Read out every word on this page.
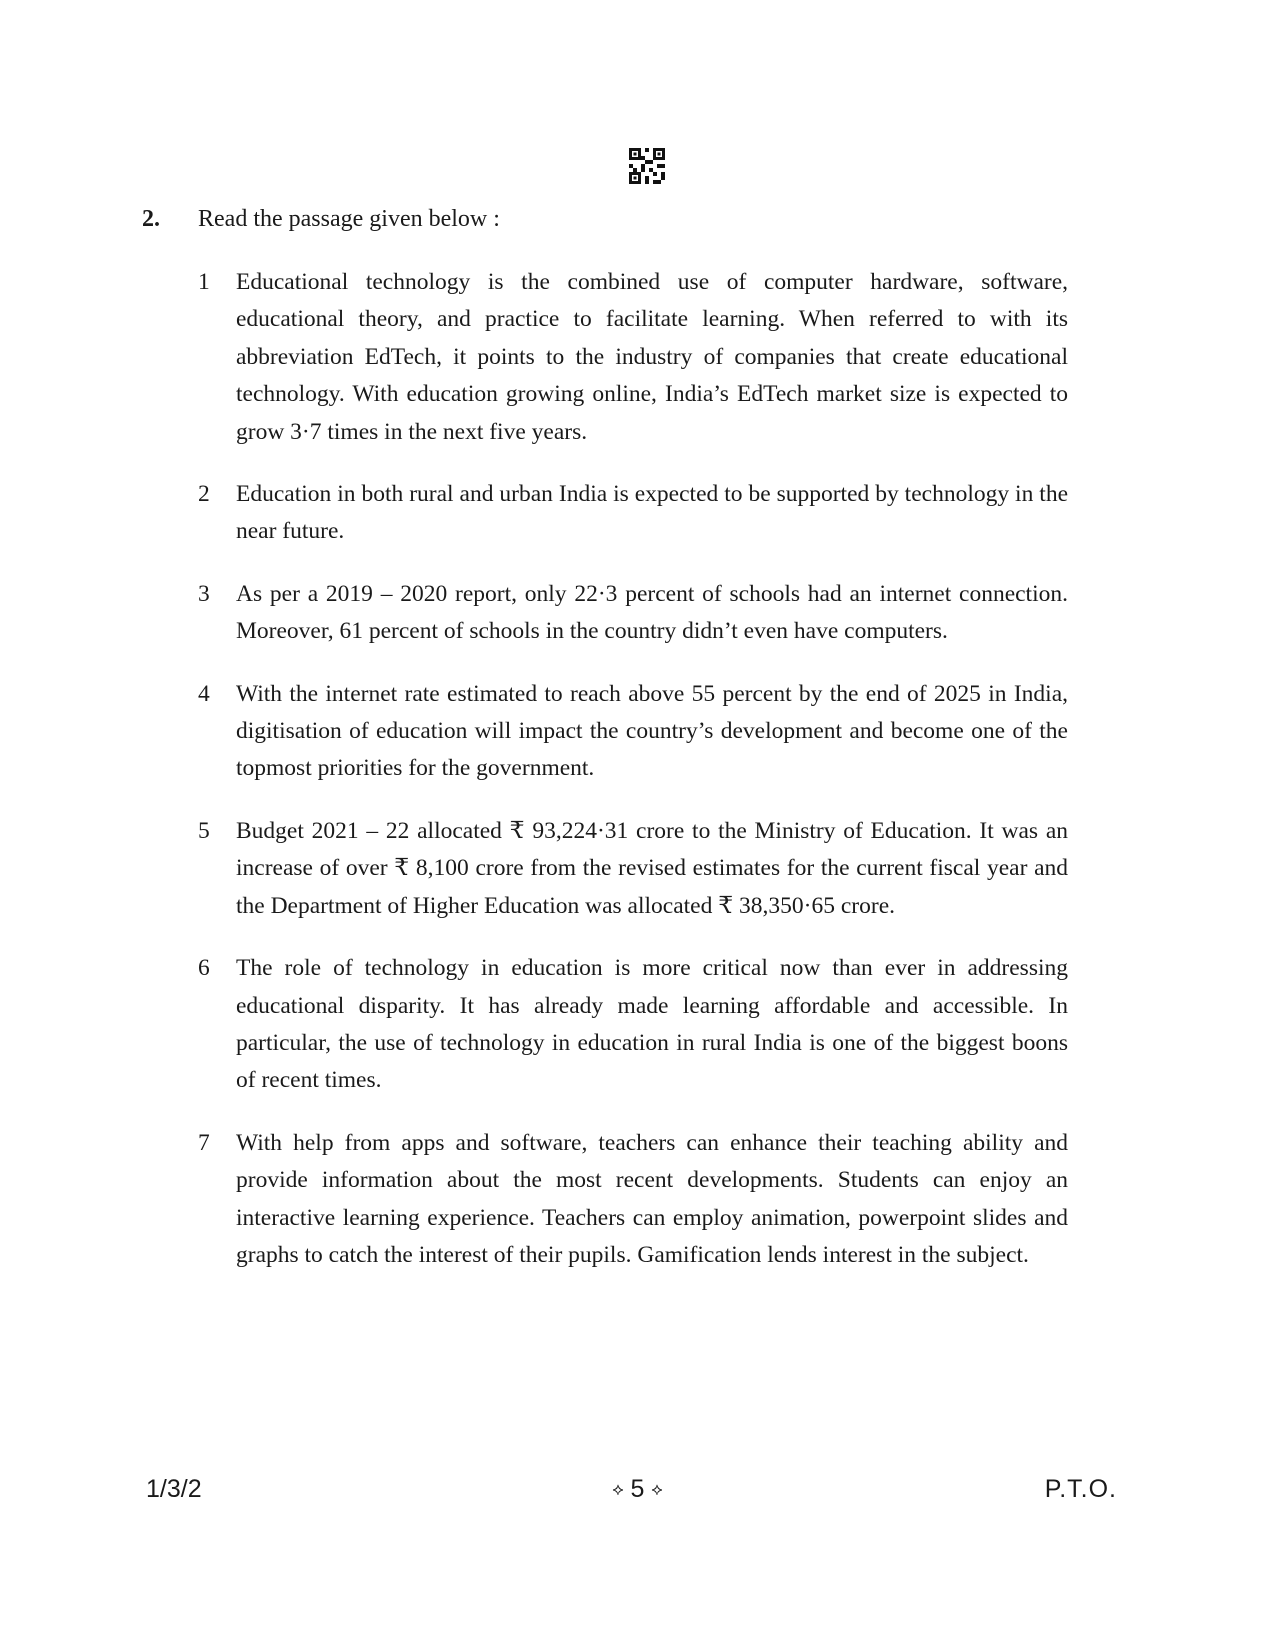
2. Read the passage given below :
1	Educational technology is the combined use of computer hardware, software, educational theory, and practice to facilitate learning. When referred to with its abbreviation EdTech, it points to the industry of companies that create educational technology. With education growing online, India’s EdTech market size is expected to grow 3·7 times in the next five years.
2	Education in both rural and urban India is expected to be supported by technology in the near future.
3	As per a 2019 – 2020 report, only 22·3 percent of schools had an internet connection. Moreover, 61 percent of schools in the country didn’t even have computers.
4	With the internet rate estimated to reach above 55 percent by the end of 2025 in India, digitisation of education will impact the country’s development and become one of the topmost priorities for the government.
5	Budget 2021 – 22 allocated ₹ 93,224·31 crore to the Ministry of Education. It was an increase of over ₹ 8,100 crore from the revised estimates for the current fiscal year and the Department of Higher Education was allocated ₹ 38,350·65 crore.
6	The role of technology in education is more critical now than ever in addressing educational disparity. It has already made learning affordable and accessible. In particular, the use of technology in education in rural India is one of the biggest boons of recent times.
7	With help from apps and software, teachers can enhance their teaching ability and provide information about the most recent developments. Students can enjoy an interactive learning experience. Teachers can employ animation, powerpoint slides and graphs to catch the interest of their pupils. Gamification lends interest in the subject.
1/3/2	⟡ 5 ⟡	P.T.O.
